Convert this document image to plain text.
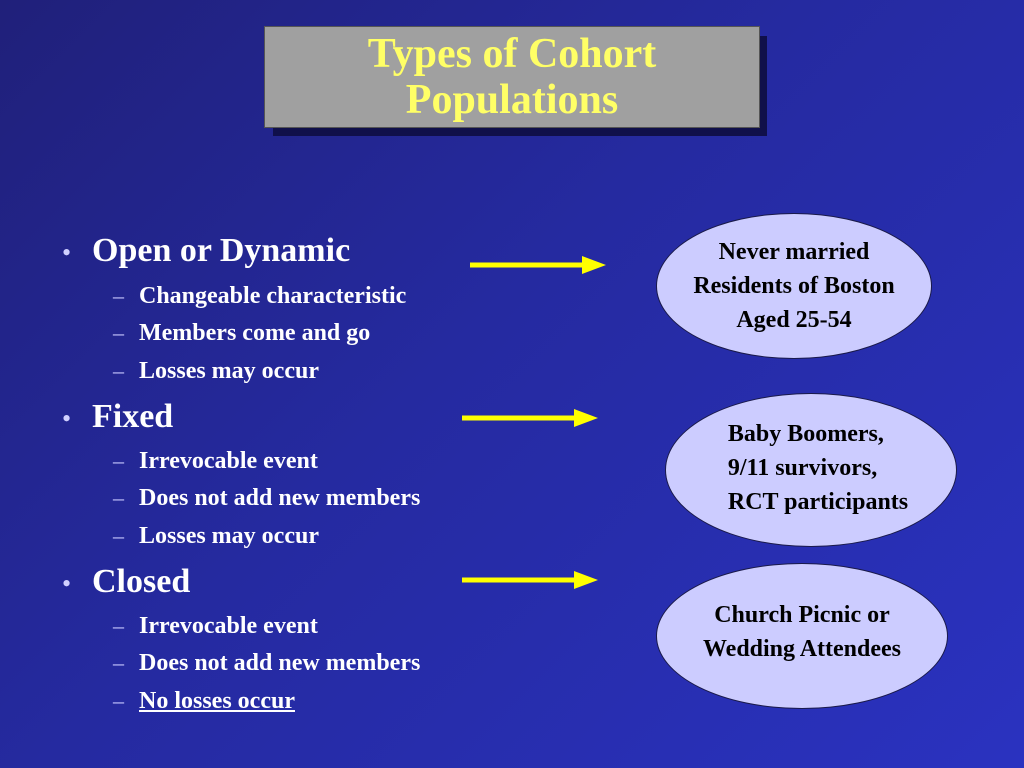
Types of Cohort
Populations
• Open or Dynamic
– Changeable characteristic
– Members come and go
– Losses may occur
• Fixed
– Irrevocable event
– Does not add new members
– Losses may occur
• Closed
– Irrevocable event
– Does not add new members
– No losses occur
Never married
Residents of Boston
Aged 25-54
Baby Boomers,
9/11 survivors,
RCT participants
Church Picnic or
Wedding Attendees
